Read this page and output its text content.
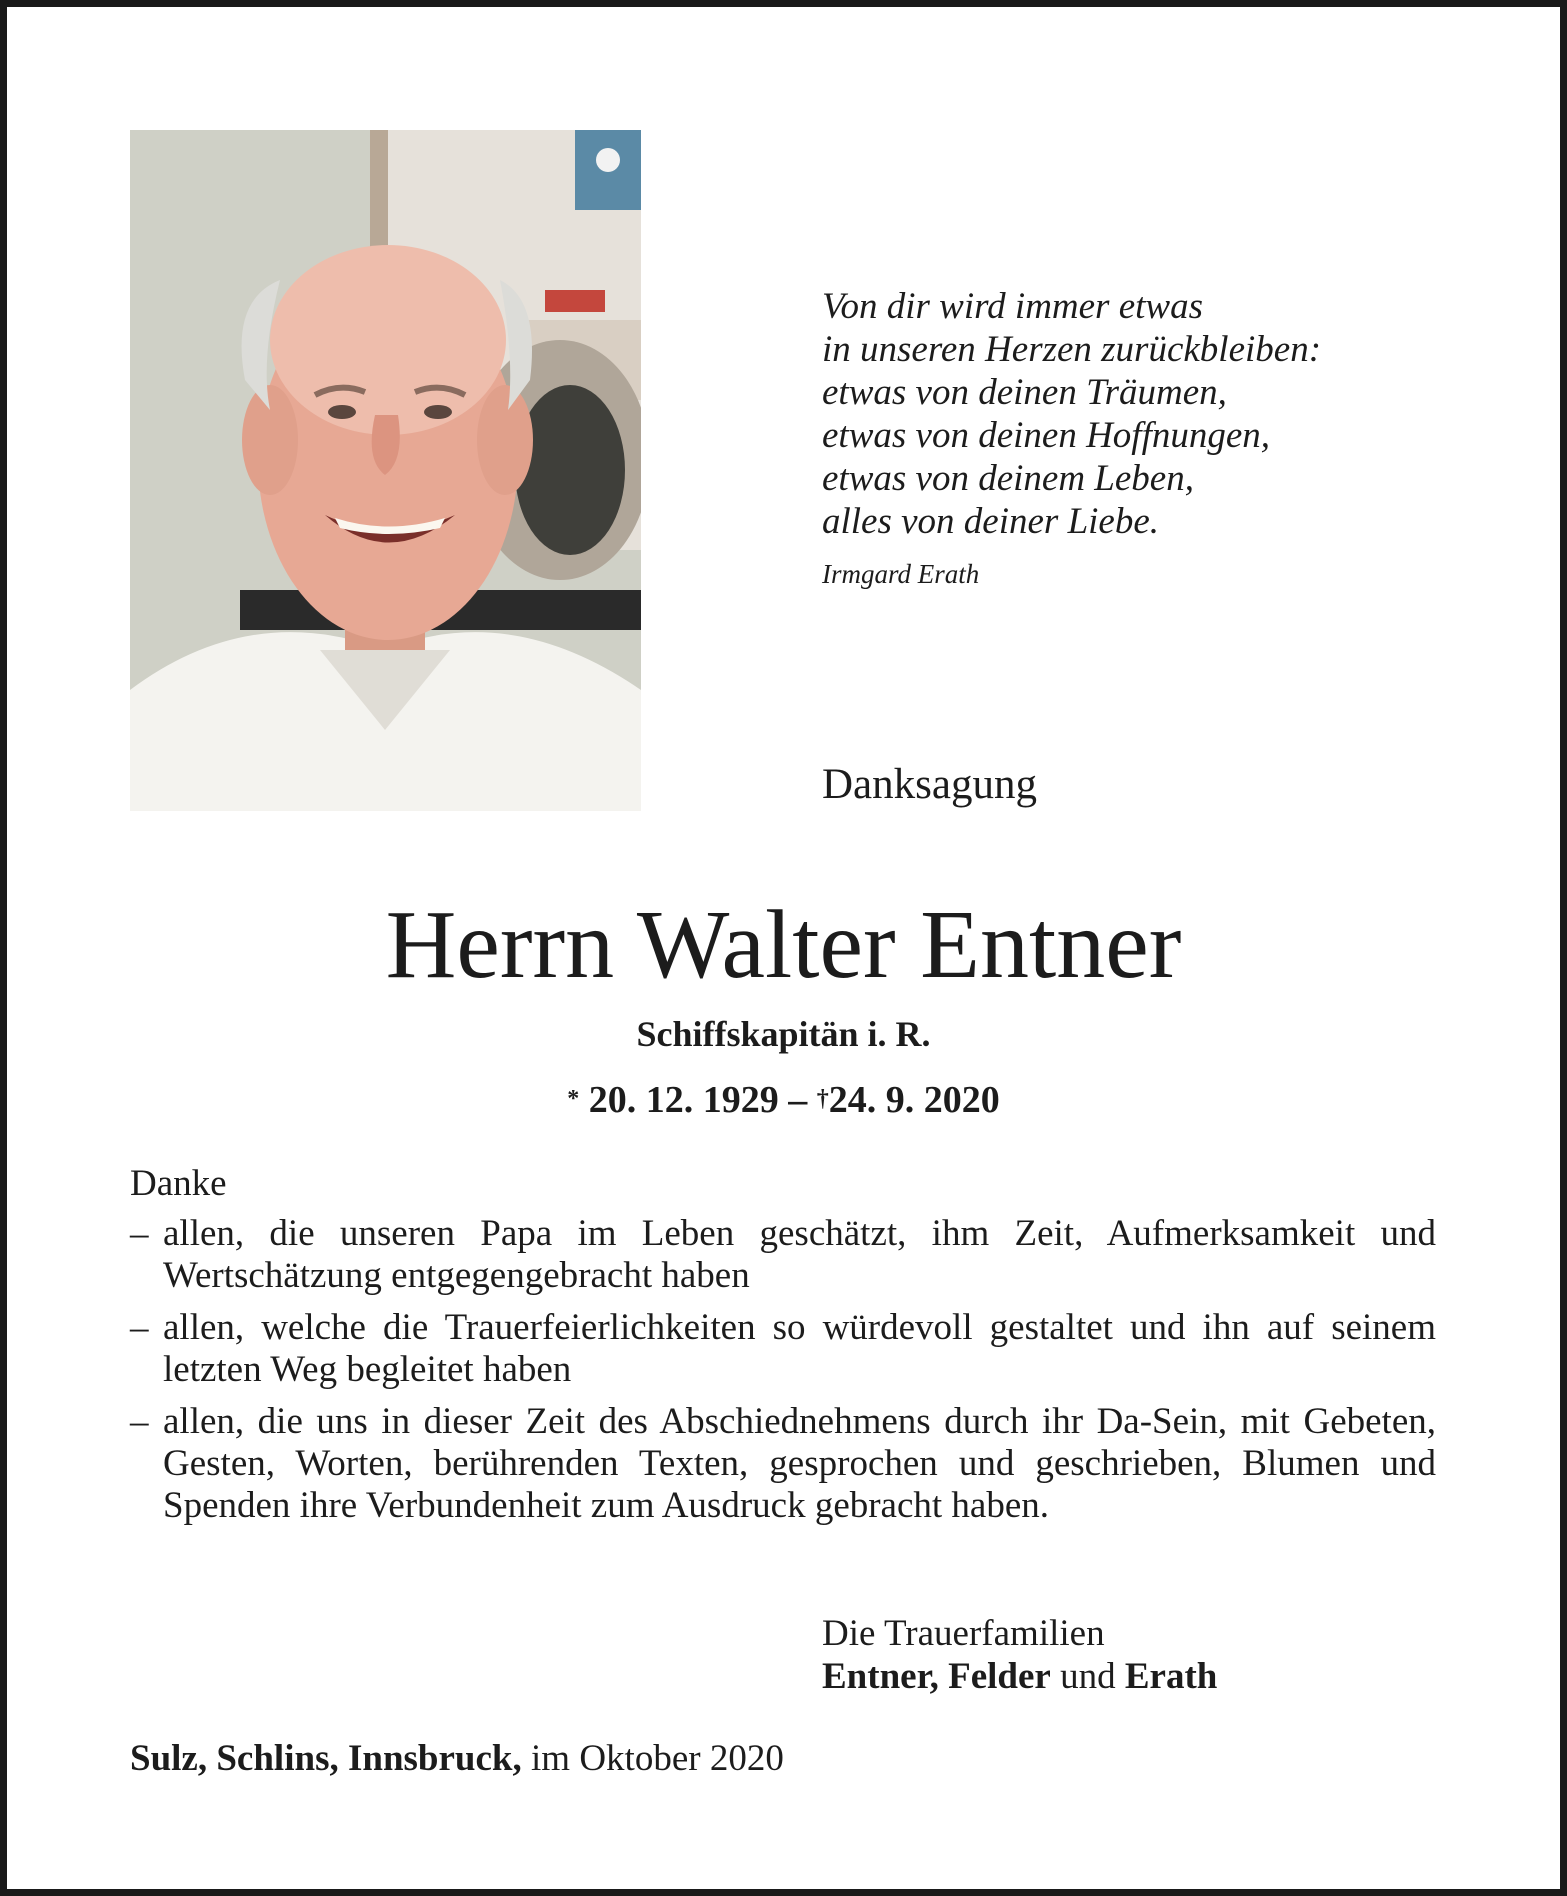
Von dir wird immer etwas
in unseren Herzen zurückbleiben:
etwas von deinen Träumen,
etwas von deinen Hoffnungen,
etwas von deinem Leben,
alles von deiner Liebe.
Irmgard Erath
Danksagung
Herrn Walter Entner
Schiffskapitän i. R.
* 20. 12. 1929 – †24. 9. 2020
Danke
– allen, die unseren Papa im Leben geschätzt, ihm Zeit, Aufmerksamkeit und Wertschätzung entgegengebracht haben
– allen, welche die Trauerfeierlichkeiten so würdevoll gestaltet und ihn auf seinem letzten Weg begleitet haben
– allen, die uns in dieser Zeit des Abschiednehmens durch ihr Da-Sein, mit Gebeten, Gesten, Worten, berührenden Texten, gesprochen und geschrieben, Blumen und Spenden ihre Verbundenheit zum Ausdruck gebracht haben.
Die Trauerfamilien
Entner, Felder und Erath
Sulz, Schlins, Innsbruck, im Oktober 2020
